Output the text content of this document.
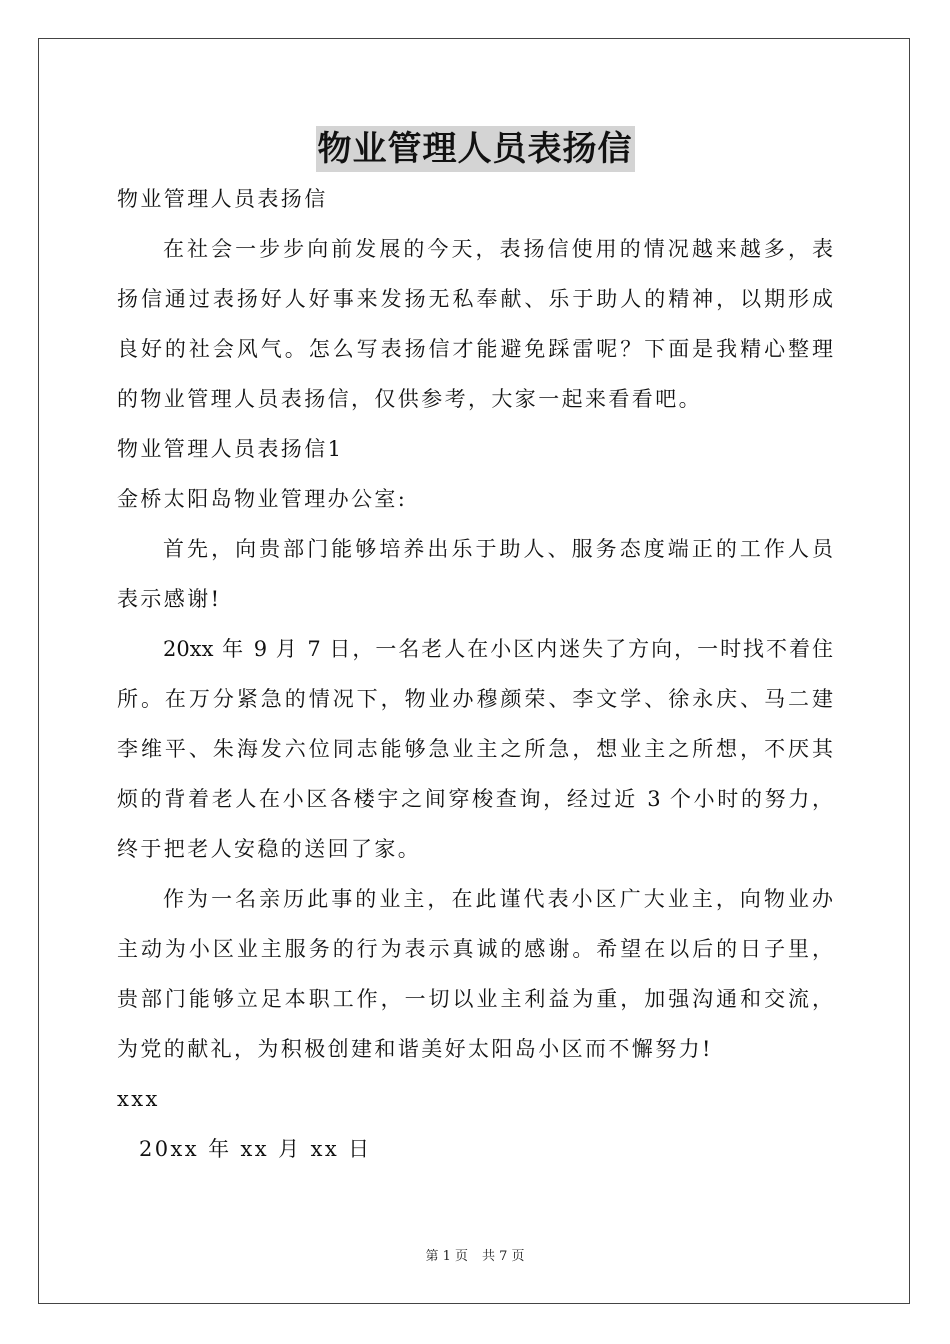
物业管理人员表扬信
物业管理人员表扬信
在社会一步步向前发展的今天，表扬信使用的情况越来越多，表
扬信通过表扬好人好事来发扬无私奉献、乐于助人的精神，以期形成
良好的社会风气。怎么写表扬信才能避免踩雷呢？下面是我精心整理
的物业管理人员表扬信，仅供参考，大家一起来看看吧。
物业管理人员表扬信1
金桥太阳岛物业管理办公室:
首先，向贵部门能够培养出乐于助人、服务态度端正的工作人员
表示感谢!
20xx 年 9 月 7 日，一名老人在小区内迷失了方向，一时找不着住
所。在万分紧急的情况下，物业办穆颜荣、李文学、徐永庆、马二建
李维平、朱海发六位同志能够急业主之所急，想业主之所想，不厌其
烦的背着老人在小区各楼宇之间穿梭查询，经过近 3 个小时的努力，
终于把老人安稳的送回了家。
作为一名亲历此事的业主，在此谨代表小区广大业主，向物业办
主动为小区业主服务的行为表示真诚的感谢。希望在以后的日子里，
贵部门能够立足本职工作，一切以业主利益为重，加强沟通和交流，
为党的献礼，为积极创建和谐美好太阳岛小区而不懈努力!
xxx
20xx 年 xx 月 xx 日
第 1 页 共 7 页
